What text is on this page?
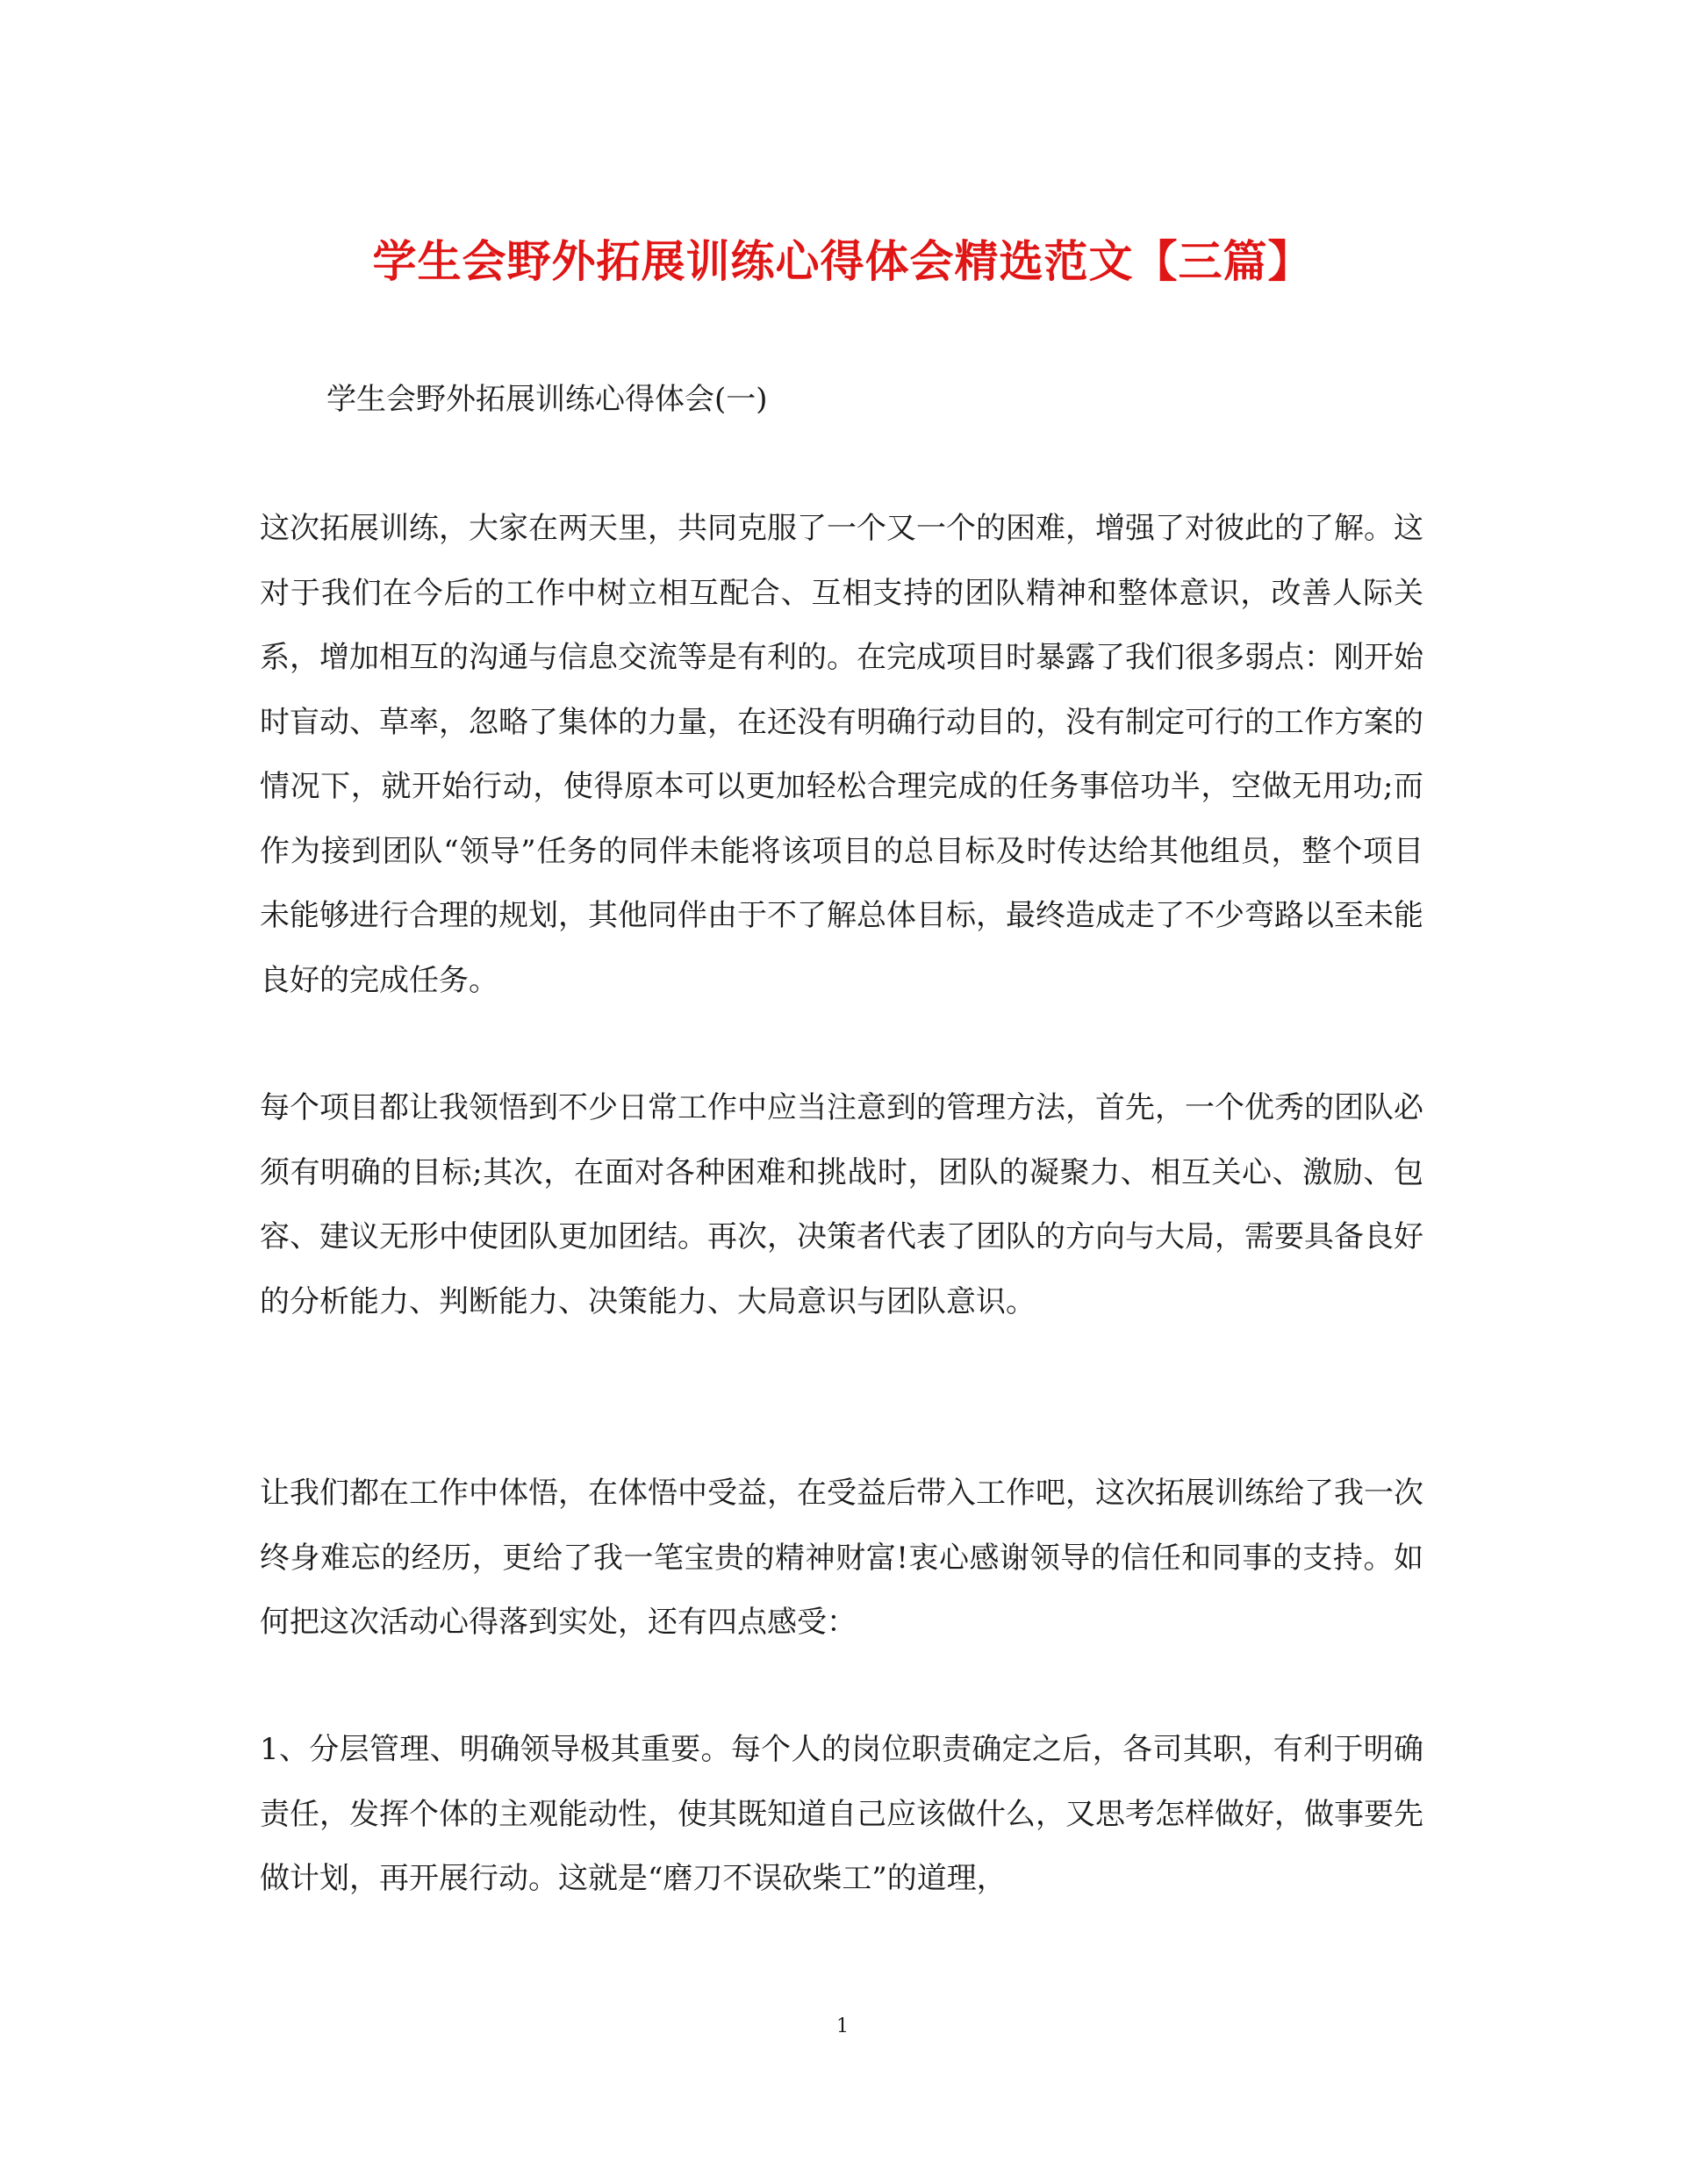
学生会野外拓展训练心得体会精选范文【三篇】

学生会野外拓展训练心得体会(一)

这次拓展训练，大家在两天里，共同克服了一个又一个的困难，增强了对彼此的了解。这对于我们在今后的工作中树立相互配合、互相支持的团队精神和整体意识，改善人际关系，增加相互的沟通与信息交流等是有利的。在完成项目时暴露了我们很多弱点：刚开始时盲动、草率，忽略了集体的力量，在还没有明确行动目的，没有制定可行的工作方案的情况下，就开始行动，使得原本可以更加轻松合理完成的任务事倍功半，空做无用功;而作为接到团队“领导”任务的同伴未能将该项目的总目标及时传达给其他组员，整个项目未能够进行合理的规划，其他同伴由于不了解总体目标，最终造成走了不少弯路以至未能良好的完成任务。

每个项目都让我领悟到不少日常工作中应当注意到的管理方法，首先，一个优秀的团队必须有明确的目标;其次，在面对各种困难和挑战时，团队的凝聚力、相互关心、激励、包容、建议无形中使团队更加团结。再次，决策者代表了团队的方向与大局，需要具备良好的分析能力、判断能力、决策能力、大局意识与团队意识。

让我们都在工作中体悟，在体悟中受益，在受益后带入工作吧，这次拓展训练给了我一次终身难忘的经历，更给了我一笔宝贵的精神财富!衷心感谢领导的信任和同事的支持。如何把这次活动心得落到实处，还有四点感受：

1、分层管理、明确领导极其重要。每个人的岗位职责确定之后，各司其职，有利于明确责任，发挥个体的主观能动性，使其既知道自己应该做什么，又思考怎样做好，做事要先做计划，再开展行动。这就是“磨刀不误砍柴工”的道理，

1
